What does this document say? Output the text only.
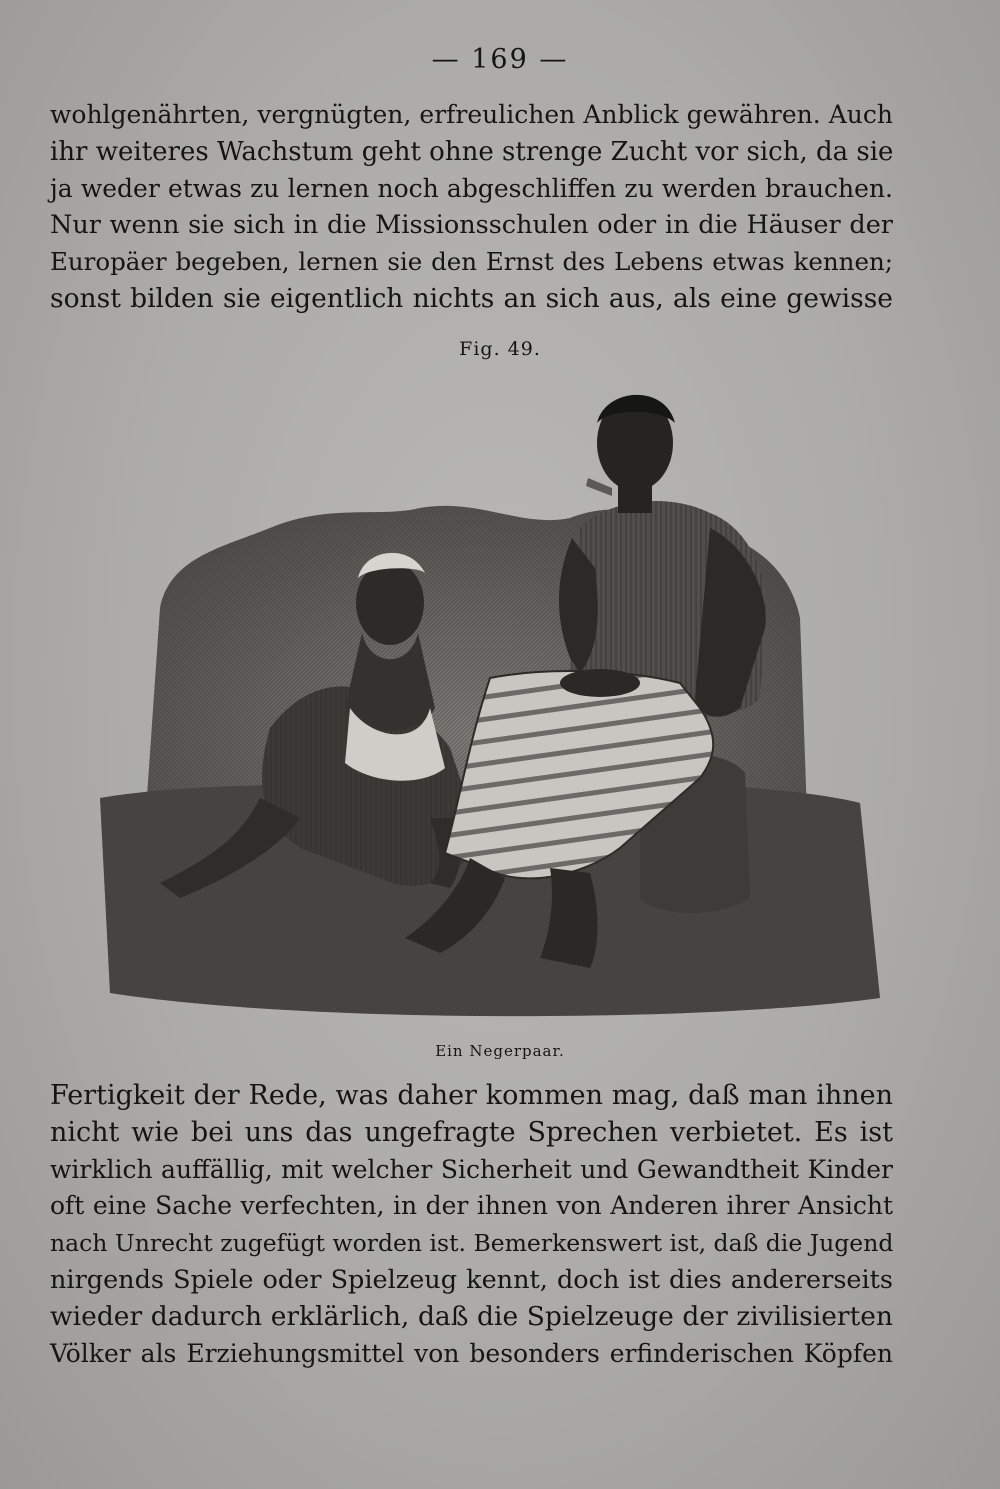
— 169 —
wohlgenährten, vergnügten, erfreulichen Anblick gewähren. Auch
ihr weiteres Wachstum geht ohne strenge Zucht vor sich, da sie
ja weder etwas zu lernen noch abgeschliffen zu werden brauchen.
Nur wenn sie sich in die Missionsschulen oder in die Häuser der
Europäer begeben, lernen sie den Ernst des Lebens etwas kennen;
sonst bilden sie eigentlich nichts an sich aus, als eine gewisse
Fig. 49.
Ein Negerpaar.
Fertigkeit der Rede, was daher kommen mag, daß man ihnen
nicht wie bei uns das ungefragte Sprechen verbietet. Es ist
wirklich auffällig, mit welcher Sicherheit und Gewandtheit Kinder
oft eine Sache verfechten, in der ihnen von Anderen ihrer Ansicht
nach Unrecht zugefügt worden ist. Bemerkenswert ist, daß die Jugend
nirgends Spiele oder Spielzeug kennt, doch ist dies andererseits
wieder dadurch erklärlich, daß die Spielzeuge der zivilisierten
Völker als Erziehungsmittel von besonders erfinderischen Köpfen
